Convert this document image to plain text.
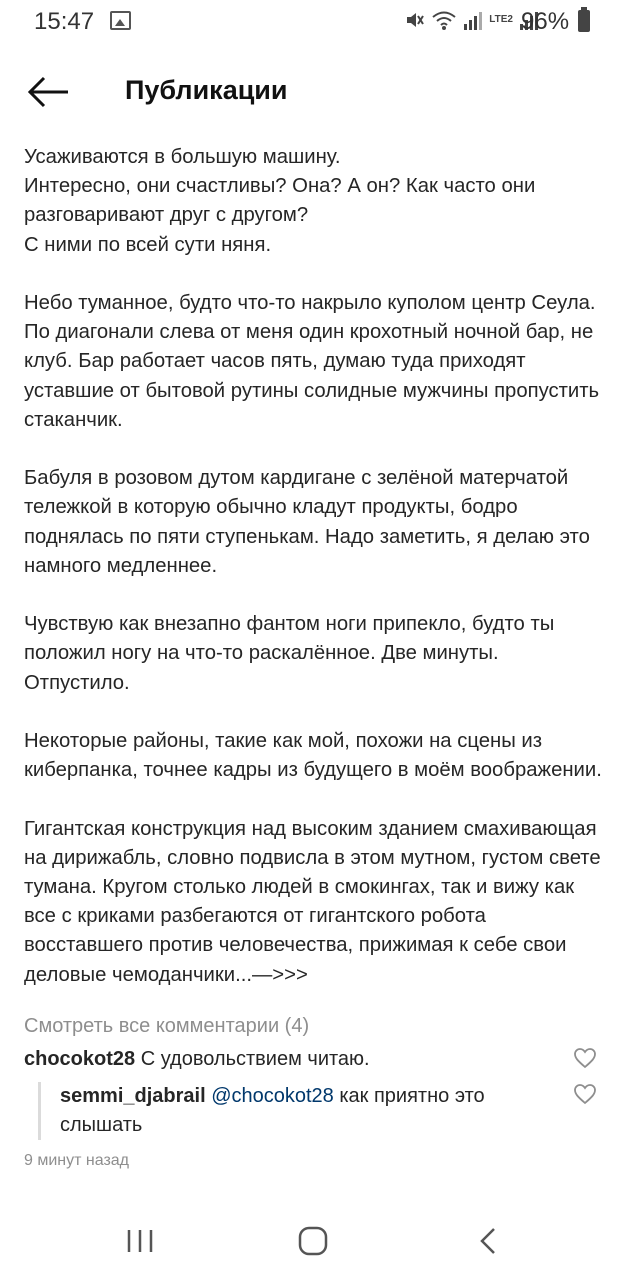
15:47	LTE2 96%
Публикации

Усаживаются в большую машину.
Интересно, они счастливы? Она? А он? Как часто они разговаривают друг с другом?
С ними по всей сути няня.

Небо туманное, будто что-то накрыло куполом центр Сеула. По диагонали слева от меня один крохотный ночной бар, не клуб. Бар работает часов пять, думаю туда приходят уставшие от бытовой рутины солидные мужчины пропустить стаканчик.

Бабуля в розовом дутом кардигане с зелёной матерчатой тележкой в которую обычно кладут продукты, бодро поднялась по пяти ступенькам. Надо заметить, я делаю это намного медленнее.

Чувствую как внезапно фантом ноги припекло, будто ты положил ногу на что-то раскалённое. Две минуты. Отпустило.

Некоторые районы, такие как мой, похожи на сцены из киберпанка, точнее кадры из будущего в моём воображении.

Гигантская конструкция над высоким зданием смахивающая на дирижабль, словно подвисла в этом мутном, густом свете тумана. Кругом столько людей в смокингах, так и вижу как все с криками разбегаются от гигантского робота восставшего против человечества, прижимая к себе свои деловые чемоданчики...—>>>

Смотреть все комментарии (4)
chocokot28 С удовольствием читаю.
semmi_djabrail @chocokot28 как приятно это слышать
9 минут назад
